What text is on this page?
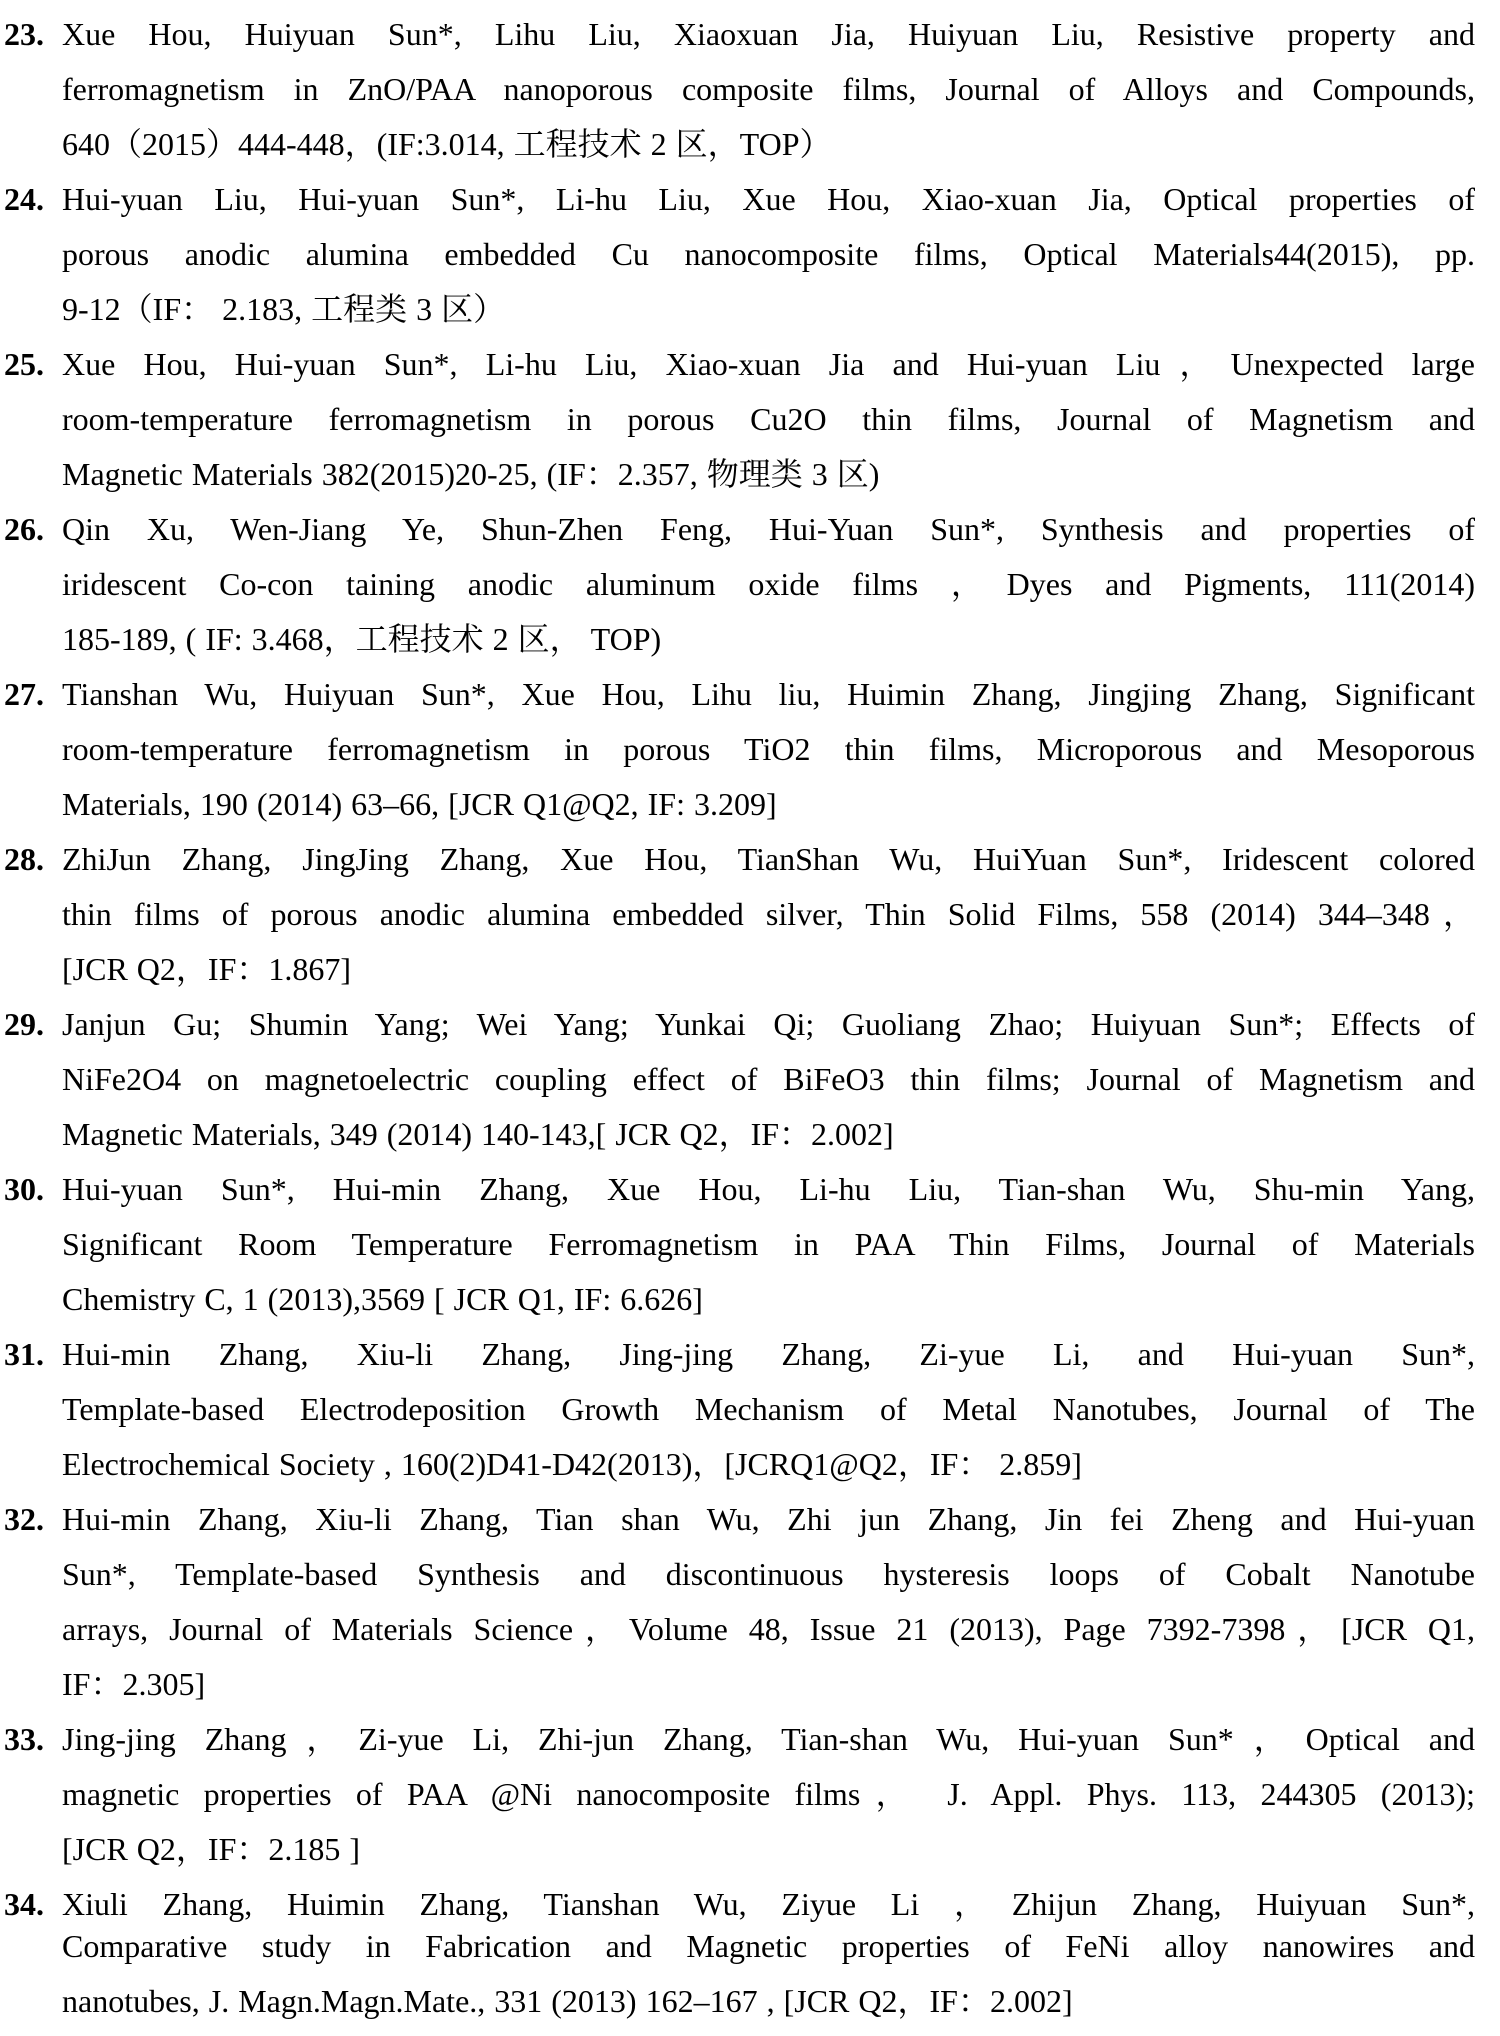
23. Xue Hou, Huiyuan Sun*, Lihu Liu, Xiaoxuan Jia, Huiyuan Liu, Resistive property and
ferromagnetism in ZnO/PAA nanoporous composite films, Journal of Alloys and Compounds,
640（2015）444-448，(IF:3.014, 工程技术 2 区，TOP）
24. Hui-yuan Liu, Hui-yuan Sun*, Li-hu Liu, Xue Hou, Xiao-xuan Jia, Optical properties of
porous anodic alumina embedded Cu nanocomposite films, Optical Materials44(2015), pp.
9-12（IF： 2.183, 工程类 3 区）
25. Xue Hou, Hui-yuan Sun*, Li-hu Liu, Xiao-xuan Jia and Hui-yuan Liu，Unexpected large
room-temperature ferromagnetism in porous Cu2O thin films, Journal of Magnetism and
Magnetic Materials 382(2015)20-25, (IF：2.357, 物理类 3 区)
26. Qin Xu, Wen-Jiang Ye, Shun-Zhen Feng, Hui-Yuan Sun*, Synthesis and properties of
iridescent Co-con taining anodic aluminum oxide films ，Dyes and Pigments, 111(2014)
185-189, ( IF: 3.468，工程技术 2 区， TOP)
27. Tianshan Wu, Huiyuan Sun*, Xue Hou, Lihu liu, Huimin Zhang, Jingjing Zhang, Significant
room-temperature ferromagnetism in porous TiO2 thin films, Microporous and Mesoporous
Materials, 190 (2014) 63–66, [JCR Q1@Q2, IF: 3.209]
28. ZhiJun Zhang, JingJing Zhang, Xue Hou, TianShan Wu, HuiYuan Sun*, Iridescent colored
thin films of porous anodic alumina embedded silver, Thin Solid Films, 558 (2014) 344–348，
[JCR Q2，IF：1.867]
29. Janjun Gu; Shumin Yang; Wei Yang; Yunkai Qi; Guoliang Zhao; Huiyuan Sun*; Effects of
NiFe2O4 on magnetoelectric coupling effect of BiFeO3 thin films; Journal of Magnetism and
Magnetic Materials, 349 (2014) 140-143,[ JCR Q2，IF：2.002]
30. Hui-yuan Sun*, Hui-min Zhang, Xue Hou, Li-hu Liu, Tian-shan Wu, Shu-min Yang,
Significant Room Temperature Ferromagnetism in PAA Thin Films, Journal of Materials
Chemistry C, 1 (2013),3569 [ JCR Q1, IF: 6.626]
31. Hui-min Zhang, Xiu-li Zhang, Jing-jing Zhang, Zi-yue Li, and Hui-yuan Sun*,
Template-based Electrodeposition Growth Mechanism of Metal Nanotubes, Journal of The
Electrochemical Society , 160(2)D41-D42(2013)，[JCRQ1@Q2，IF： 2.859]
32. Hui-min Zhang, Xiu-li Zhang, Tian shan Wu, Zhi jun Zhang, Jin fei Zheng and Hui-yuan
Sun*, Template-based Synthesis and discontinuous hysteresis loops of Cobalt Nanotube
arrays, Journal of Materials Science，Volume 48, Issue 21 (2013), Page 7392-7398，[JCR Q1,
IF：2.305]
33. Jing-jing Zhang，Zi-yue Li, Zhi-jun Zhang, Tian-shan Wu, Hui-yuan Sun*，Optical and
magnetic properties of PAA @Ni nanocomposite films， J. Appl. Phys. 113, 244305 (2013);
[JCR Q2，IF：2.185 ]
34. Xiuli Zhang, Huimin Zhang, Tianshan Wu, Ziyue Li ，Zhijun Zhang, Huiyuan Sun*,
Comparative study in Fabrication and Magnetic properties of FeNi alloy nanowires and
nanotubes, J. Magn.Magn.Mate., 331 (2013) 162–167 , [JCR Q2，IF：2.002]
